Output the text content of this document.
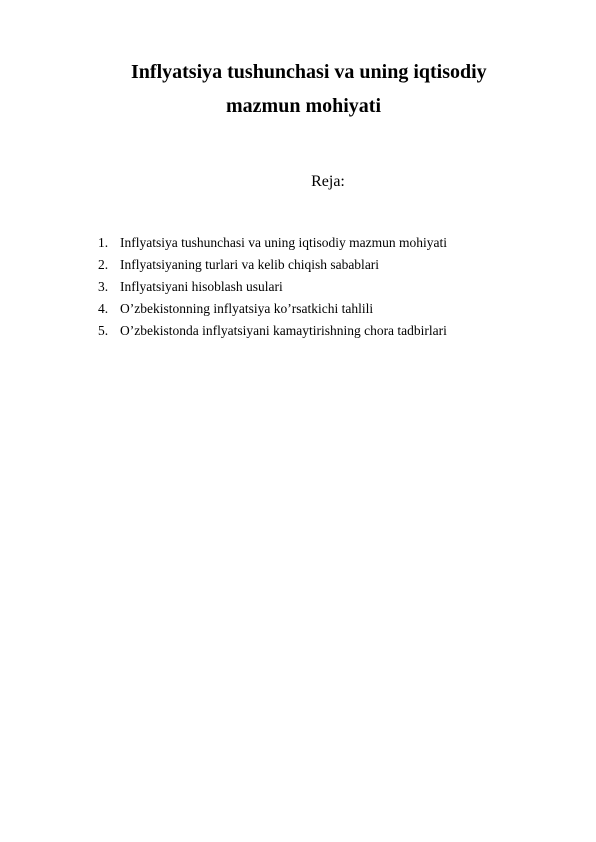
Inflyatsiya tushunchasi va uning iqtisodiy
mazmun mohiyati
Reja:
1. Inflyatsiya tushunchasi va uning iqtisodiy mazmun mohiyati
2. Inflyatsiyaning turlari va kelib chiqish sabablari
3. Inflyatsiyani hisoblash usulari
4. O’zbekistonning inflyatsiya ko’rsatkichi tahlili
5. O’zbekistonda inflyatsiyani kamaytirishning chora tadbirlari
